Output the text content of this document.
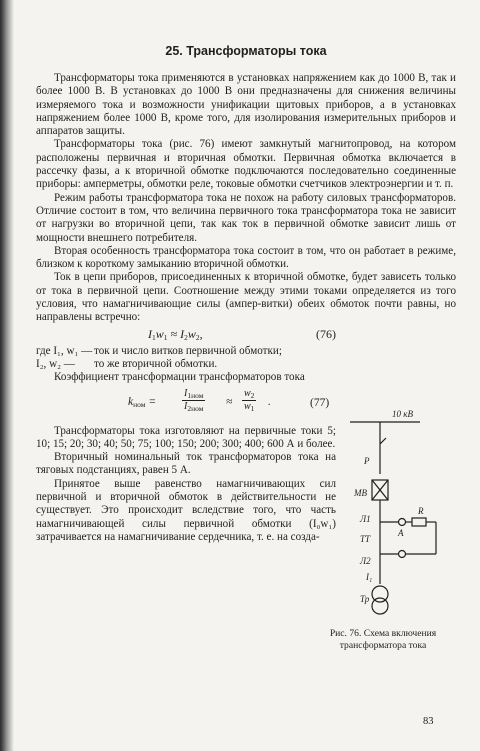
25. Трансформаторы тока

Трансформаторы тока применяются в установках напряжением как до 1000 В, так и более 1000 В. В установках до 1000 В они предназначены для снижения величины измеряемого тока и возможности унификации щитовых приборов, а в установках напряжением более 1000 В, кроме того, для изолирования измерительных приборов и аппаратов защиты.

Трансформаторы тока (рис. 76) имеют замкнутый магнитопровод, на котором расположены первичная и вторичная обмотки. Первичная обмотка включается в рассечку фазы, а к вторичной обмотке подключаются последовательно соединенные приборы: амперметры, обмотки реле, токовые обмотки счетчиков электроэнергии и т. п.

Режим работы трансформатора тока не похож на работу силовых трансформаторов. Отличие состоит в том, что величина первичного тока трансформатора тока не зависит от нагрузки во вторичной цепи, так как ток в первичной обмотке зависит лишь от мощности внешнего потребителя.

Вторая особенность трансформатора тока состоит в том, что он работает в режиме, близком к короткому замыканию вторичной обмотки.

Ток в цепи приборов, присоединенных к вторичной обмотке, будет зависеть только от тока в первичной цепи. Соотношение между этими токами определяется из того условия, что намагничивающие силы (ампер-витки) обеих обмоток почти равны, но направлены встречно:

$I_1w_1 \approx I_2w_2$,	(76)
где I₁, w₁ — ток и число витков первичной обмотки;
I₂, w₂ — то же вторичной обмотки.

Коэффициент трансформации трансформаторов тока

$k_{ном}$ =
$I_{1ном}$
$I_{2ном}$
≈ $\frac{w_2}{w_1}$ .	(77)

Трансформаторы тока изготовляют на первичные токи 5; 10; 15; 20; 30; 40; 50; 75; 100; 150; 200; 300; 400; 600 А и более.

Вторичный номинальный ток трансформаторов тока на тяговых подстанциях, равен 5 А.

Принятое выше равенство намагничивающих сил первичной и вторичной обмоток в действительности не существует. Это происходит вследствие того, что часть намагничивающей силы первичной обмотки (I₀w₁) затрачивается на намагничивание сердечника, т. е. на созда-

10 кВ
Р
МВ
Л1
ТТ
Л2
I₁
Тр
А
R
Рис. 76. Схема включения трансформатора тока
83
